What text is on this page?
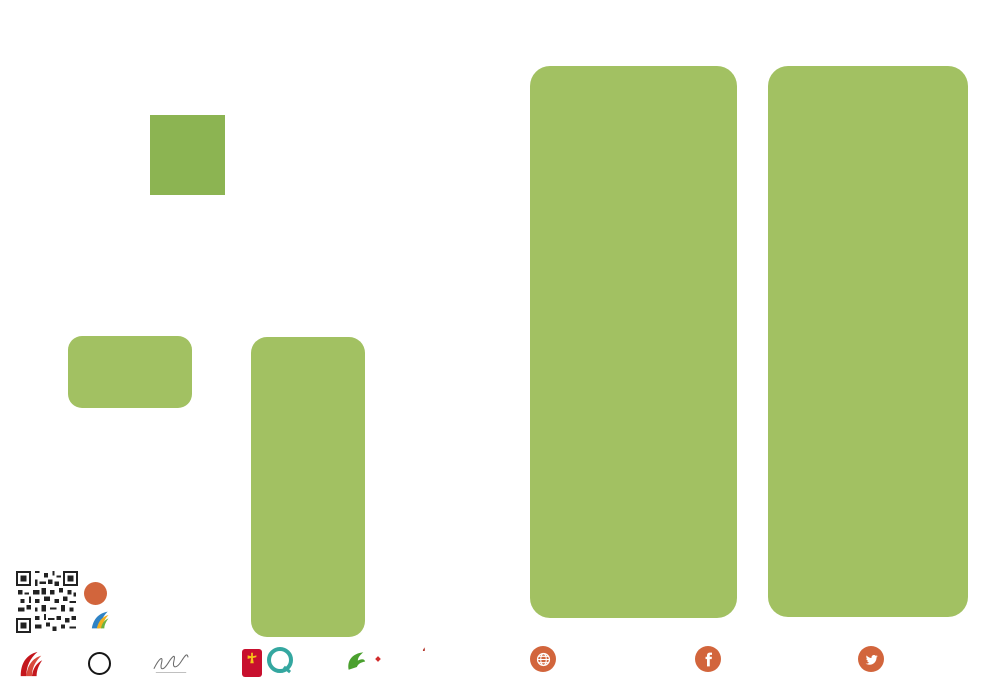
❛
